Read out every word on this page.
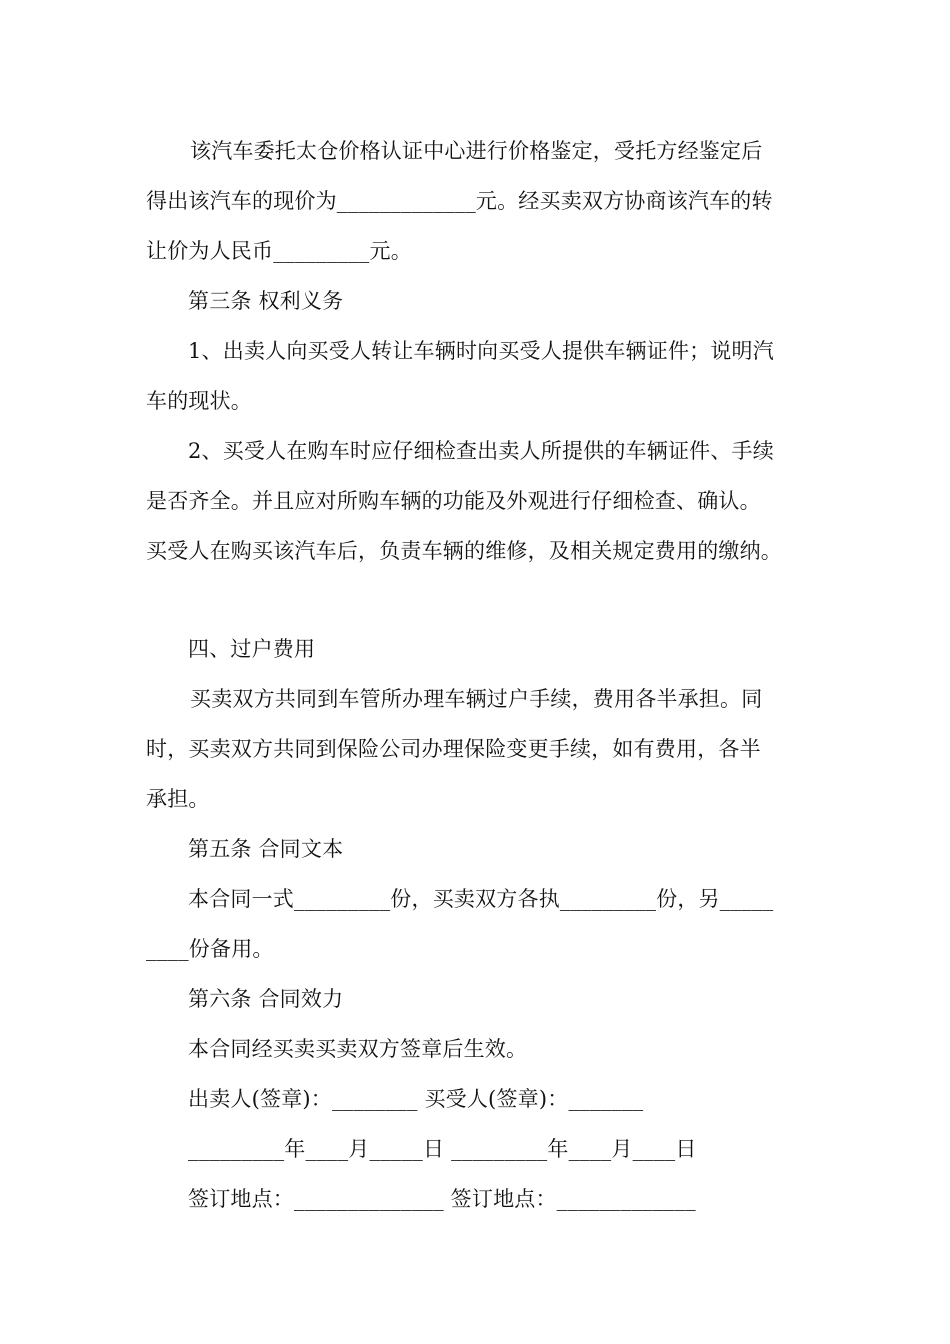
该汽车委托太仓价格认证中心进行价格鉴定，受托方经鉴定后
得出该汽车的现价为_____________元。经买卖双方协商该汽车的转
让价为人民币_________元。
第三条 权利义务
1、出卖人向买受人转让车辆时向买受人提供车辆证件；说明汽
车的现状。
2、买受人在购车时应仔细检查出卖人所提供的车辆证件、手续
是否齐全。并且应对所购车辆的功能及外观进行仔细检查、确认。
买受人在购买该汽车后，负责车辆的维修，及相关规定费用的缴纳。
四、过户费用
买卖双方共同到车管所办理车辆过户手续，费用各半承担。同
时，买卖双方共同到保险公司办理保险变更手续，如有费用，各半
承担。
第五条 合同文本
本合同一式_________份，买卖双方各执_________份，另_____
____份备用。
第六条 合同效力
本合同经买卖买卖双方签章后生效。
出卖人(签章)：________ 买受人(签章)：_______
_________年____月_____日 _________年____月____日
签订地点：______________ 签订地点：_____________
